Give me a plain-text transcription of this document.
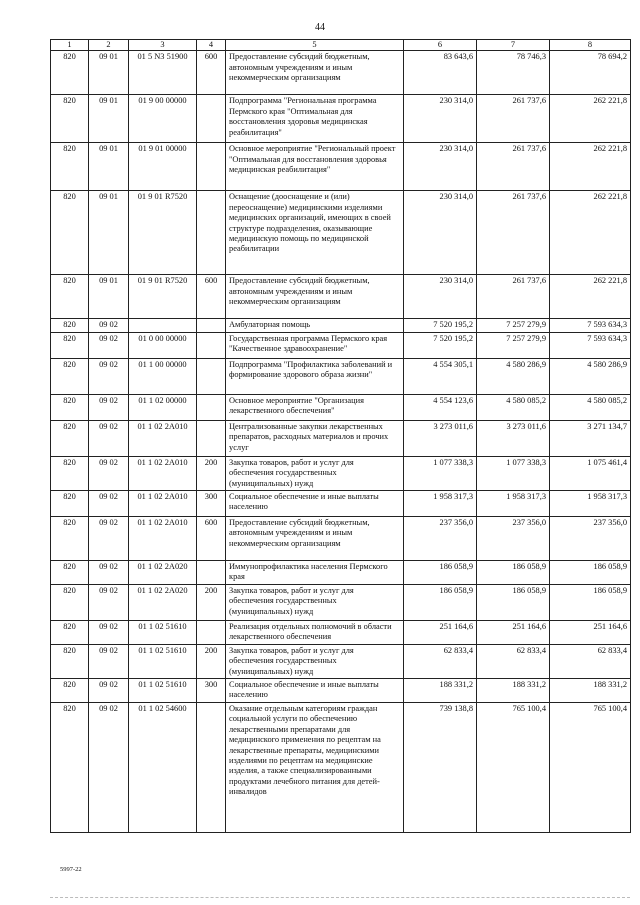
44
1	2	3	4	5	6	7	8
820	09 01	01 5 N3 51900	600	Предоставление субсидий бюджетным, автономным учреждениям и иным некоммерческим организациям	83 643,6	78 746,3	78 694,2
820	09 01	01 9 00 00000		Подпрограмма "Региональная программа Пермского края "Оптимальная для восстановления здоровья медицинская реабилитация"	230 314,0	261 737,6	262 221,8
820	09 01	01 9 01 00000		Основное мероприятие "Региональный проект "Оптимальная для восстановления здоровья медицинская реабилитация"	230 314,0	261 737,6	262 221,8
820	09 01	01 9 01 R7520		Оснащение (дооснащение и (или) переоснащение) медицинскими изделиями медицинских организаций, имеющих в своей структуре подразделения, оказывающие медицинскую помощь по медицинской реабилитации	230 314,0	261 737,6	262 221,8
820	09 01	01 9 01 R7520	600	Предоставление субсидий бюджетным, автономным учреждениям и иным некоммерческим организациям	230 314,0	261 737,6	262 221,8
820	09 02			Амбулаторная помощь	7 520 195,2	7 257 279,9	7 593 634,3
820	09 02	01 0 00 00000		Государственная программа Пермского края "Качественное здравоохранение"	7 520 195,2	7 257 279,9	7 593 634,3
820	09 02	01 1 00 00000		Подпрограмма "Профилактика заболеваний и формирование здорового образа жизни"	4 554 305,1	4 580 286,9	4 580 286,9
820	09 02	01 1 02 00000		Основное мероприятие "Организация лекарственного обеспечения"	4 554 123,6	4 580 085,2	4 580 085,2
820	09 02	01 1 02 2A010		Централизованные закупки лекарственных препаратов, расходных материалов и прочих услуг	3 273 011,6	3 273 011,6	3 271 134,7
820	09 02	01 1 02 2A010	200	Закупка товаров, работ и услуг для обеспечения государственных (муниципальных) нужд	1 077 338,3	1 077 338,3	1 075 461,4
820	09 02	01 1 02 2A010	300	Социальное обеспечение и иные выплаты населению	1 958 317,3	1 958 317,3	1 958 317,3
820	09 02	01 1 02 2A010	600	Предоставление субсидий бюджетным, автономным учреждениям и иным некоммерческим организациям	237 356,0	237 356,0	237 356,0
820	09 02	01 1 02 2A020		Иммунопрофилактика населения Пермского края	186 058,9	186 058,9	186 058,9
820	09 02	01 1 02 2A020	200	Закупка товаров, работ и услуг для обеспечения государственных (муниципальных) нужд	186 058,9	186 058,9	186 058,9
820	09 02	01 1 02 51610		Реализация отдельных полномочий в области лекарственного обеспечения	251 164,6	251 164,6	251 164,6
820	09 02	01 1 02 51610	200	Закупка товаров, работ и услуг для обеспечения государственных (муниципальных) нужд	62 833,4	62 833,4	62 833,4
820	09 02	01 1 02 51610	300	Социальное обеспечение и иные выплаты населению	188 331,2	188 331,2	188 331,2
820	09 02	01 1 02 54600		Оказание отдельным категориям граждан социальной услуги по обеспечению лекарственными препаратами для медицинского применения по рецептам на лекарственные препараты, медицинскими изделиями по рецептам на медицинские изделия, а также специализированными продуктами лечебного питания для детей-инвалидов	739 138,8	765 100,4	765 100,4
5997-22
